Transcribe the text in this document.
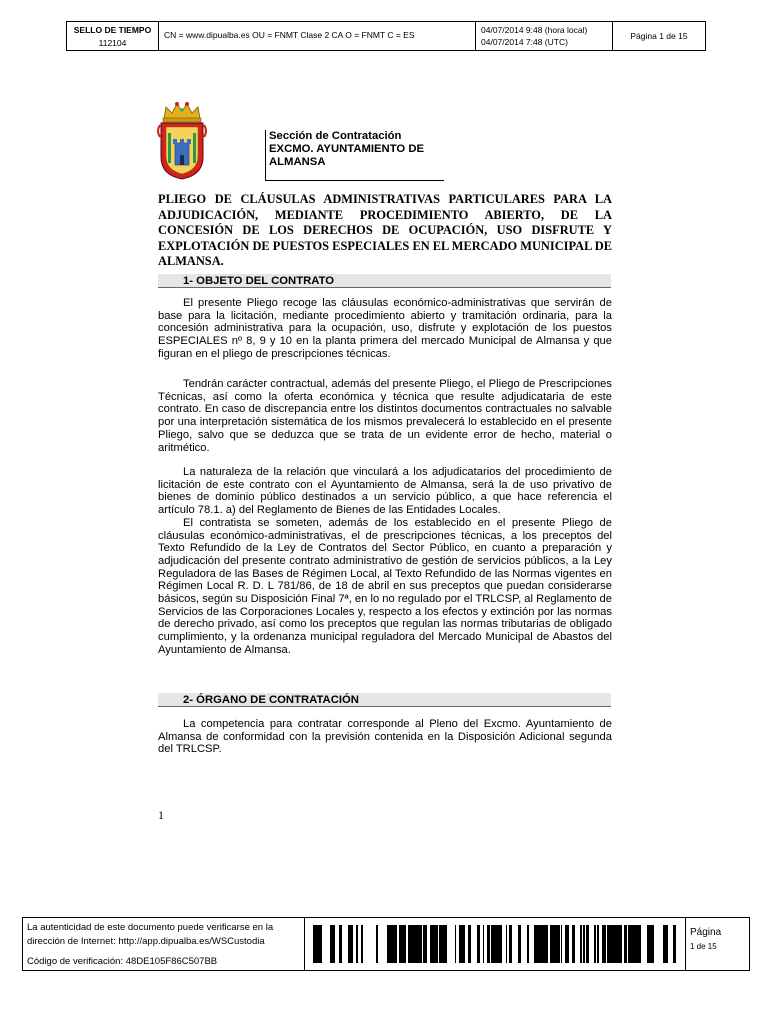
SELLO DE TIEMPO
112104
CN = www.dipualba.es OU = FNMT Clase 2 CA O = FNMT C = ES	04/07/2014 9:48 (hora local)
04/07/2014 7:48 (UTC)
Página 1 de 15
Sección de Contratación
EXCMO. AYUNTAMIENTO DE
ALMANSA
PLIEGO DE CLÁUSULAS ADMINISTRATIVAS PARTICULARES PARA LA ADJUDICACIÓN, MEDIANTE PROCEDIMIENTO ABIERTO, DE LA CONCESIÓN DE LOS DERECHOS DE OCUPACIÓN, USO DISFRUTE Y EXPLOTACIÓN DE PUESTOS ESPECIALES EN EL MERCADO MUNICIPAL DE ALMANSA.
1- OBJETO DEL CONTRATO

El presente Pliego recoge las cláusulas económico-administrativas que servirán de base para la licitación, mediante procedimiento abierto y tramitación ordinaria, para la concesión administrativa para la ocupación, uso, disfrute y explotación de los puestos ESPECIALES nº 8, 9 y 10 en la planta primera del mercado Municipal de Almansa y que figuran en el pliego de prescripciones técnicas.

Tendrán carácter contractual, además del presente Pliego, el Pliego de Prescripciones Técnicas, así como la oferta económica y técnica que resulte adjudicataria de este contrato. En caso de discrepancia entre los distintos documentos contractuales no salvable por una interpretación sistemática de los mismos prevalecerá lo establecido en el presente Pliego, salvo que se deduzca que se trata de un evidente error de hecho, material o aritmético.

La naturaleza de la relación que vinculará a los adjudicatarios del procedimiento de licitación de este contrato con el Ayuntamiento de Almansa, será la de uso privativo de bienes de dominio público destinados a un servicio público, a que hace referencia el artículo 78.1. a) del Reglamento de Bienes de las Entidades Locales.

El contratista se someten, además de los establecido en el presente Pliego de cláusulas económico-administrativas, el de prescripciones técnicas, a los preceptos del Texto Refundido de la Ley de Contratos del Sector Público, en cuanto a preparación y adjudicación del presente contrato administrativo de gestión de servicios públicos, a la Ley Reguladora de las Bases de Régimen Local, al Texto Refundido de las Normas vigentes en Régimen Local R. D. L 781/86, de 18 de abril en sus preceptos que puedan considerarse básicos, según su Disposición Final 7ª, en lo no regulado por el TRLCSP, al Reglamento de Servicios de las Corporaciones Locales y, respecto a los efectos y extinción por las normas de derecho privado, así como los preceptos que regulan las normas tributarias de obligado cumplimiento, y la ordenanza municipal reguladora del Mercado Municipal de Abastos del Ayuntamiento de Almansa.

2- ÓRGANO DE CONTRATACIÓN

La competencia para contratar corresponde al Pleno del Excmo. Ayuntamiento de Almansa de conformidad con la previsión contenida en la Disposición Adicional segunda del TRLCSP.

1
La autenticidad de este documento puede verificarse en la
dirección de Internet: http://app.dipualba.es/WSCustodia
Código de verificación: 48DE105F86C507BB
Página
1 de 15
